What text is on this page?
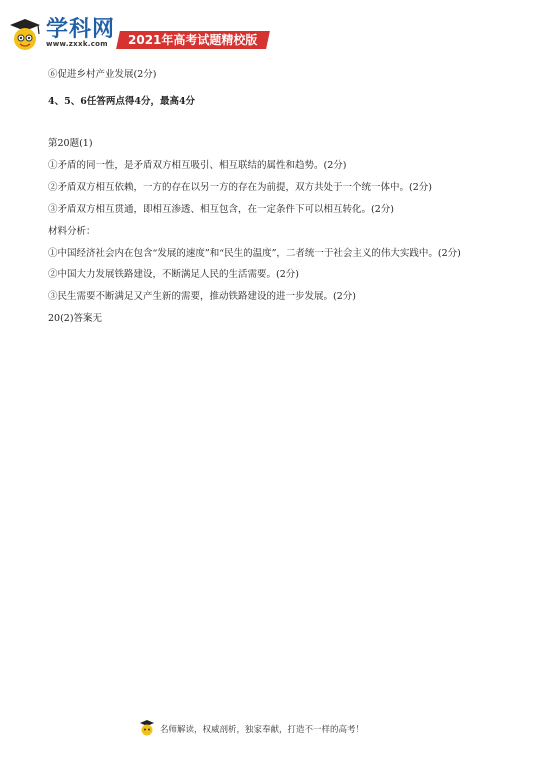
学科网
www.zxxk.com	2021年高考试题精校版
⑥促进乡村产业发展(2分)
4、5、6任答两点得4分，最高4分
第20题(1)
①矛盾的同一性，是矛盾双方相互吸引、相互联结的属性和趋势。(2分)
②矛盾双方相互依赖，一方的存在以另一方的存在为前提，双方共处于一个统一体中。(2分)
③矛盾双方相互贯通，即相互渗透、相互包含，在一定条件下可以相互转化。(2分)
材料分析：
①中国经济社会内在包含“发展的速度”和“民生的温度”，二者统一于社会主义的伟大实践中。(2分)
②中国大力发展铁路建设，不断满足人民的生活需要。(2分)
③民生需要不断满足又产生新的需要，推动铁路建设的进一步发展。(2分)
20(2)答案无
名师解读，权威剖析，独家奉献，打造不一样的高考！
